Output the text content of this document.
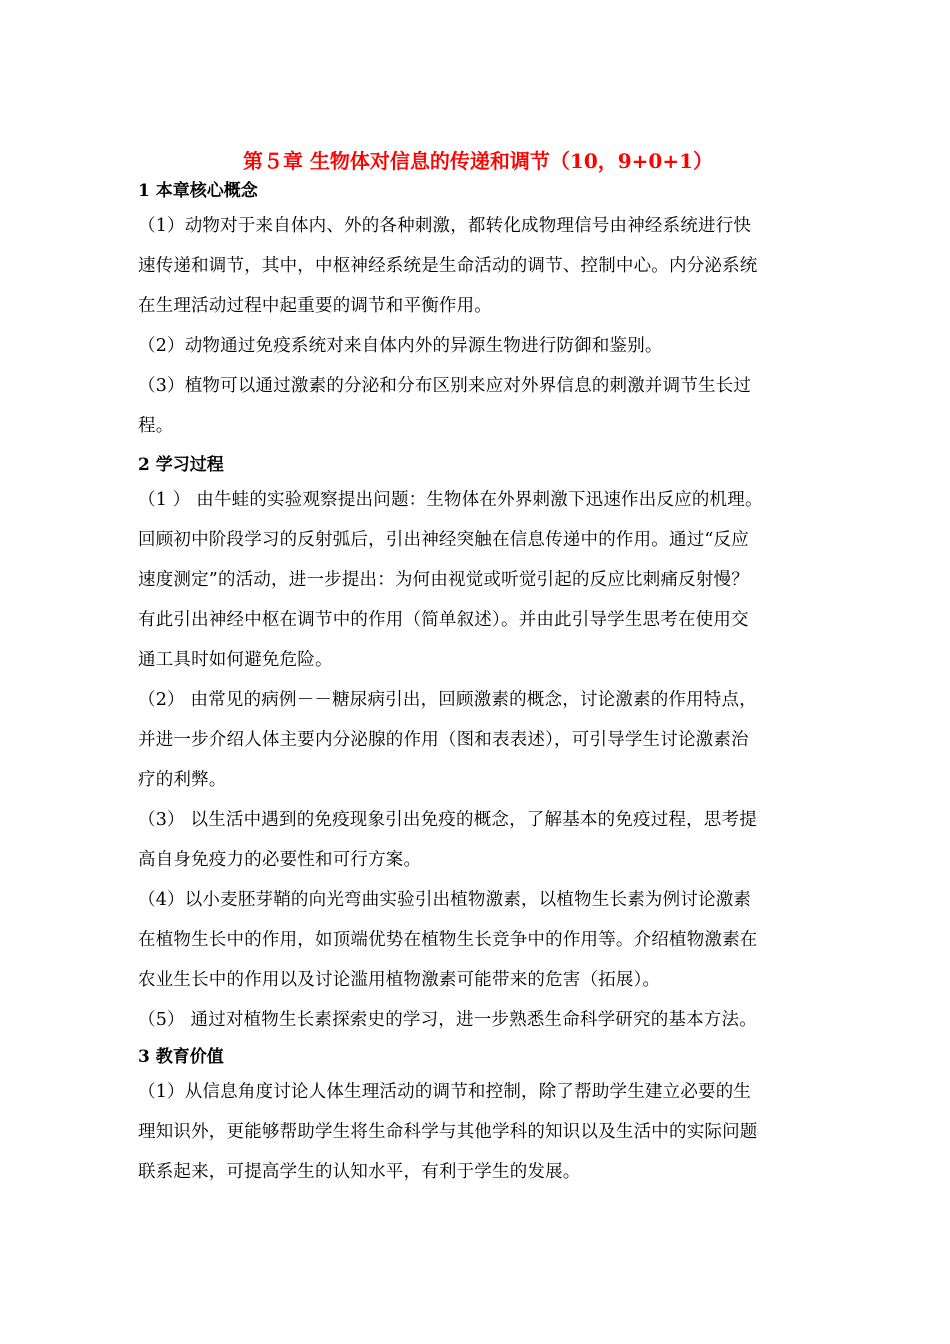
第５章 生物体对信息的传递和调节（10，9+0+1）
1 本章核心概念
（1）动物对于来自体内、外的各种刺激，都转化成物理信号由神经系统进行快
速传递和调节，其中，中枢神经系统是生命活动的调节、控制中心。内分泌系统
在生理活动过程中起重要的调节和平衡作用。
（2）动物通过免疫系统对来自体内外的异源生物进行防御和鉴别。
（3）植物可以通过激素的分泌和分布区别来应对外界信息的刺激并调节生长过
程。
2 学习过程
（1 ） 由牛蛙的实验观察提出问题：生物体在外界刺激下迅速作出反应的机理。
回顾初中阶段学习的反射弧后，引出神经突触在信息传递中的作用。通过“反应
速度测定”的活动，进一步提出：为何由视觉或听觉引起的反应比刺痛反射慢？
有此引出神经中枢在调节中的作用（简单叙述）。并由此引导学生思考在使用交
通工具时如何避免危险。
（2） 由常见的病例－－糖尿病引出，回顾激素的概念，讨论激素的作用特点，
并进一步介绍人体主要内分泌腺的作用（图和表表述），可引导学生讨论激素治
疗的利弊。
（3） 以生活中遇到的免疫现象引出免疫的概念，了解基本的免疫过程，思考提
高自身免疫力的必要性和可行方案。
（4）以小麦胚芽鞘的向光弯曲实验引出植物激素，以植物生长素为例讨论激素
在植物生长中的作用，如顶端优势在植物生长竞争中的作用等。介绍植物激素在
农业生长中的作用以及讨论滥用植物激素可能带来的危害（拓展）。
（5） 通过对植物生长素探索史的学习，进一步熟悉生命科学研究的基本方法。
3 教育价值
（1）从信息角度讨论人体生理活动的调节和控制，除了帮助学生建立必要的生
理知识外，更能够帮助学生将生命科学与其他学科的知识以及生活中的实际问题
联系起来，可提高学生的认知水平，有利于学生的发展。
